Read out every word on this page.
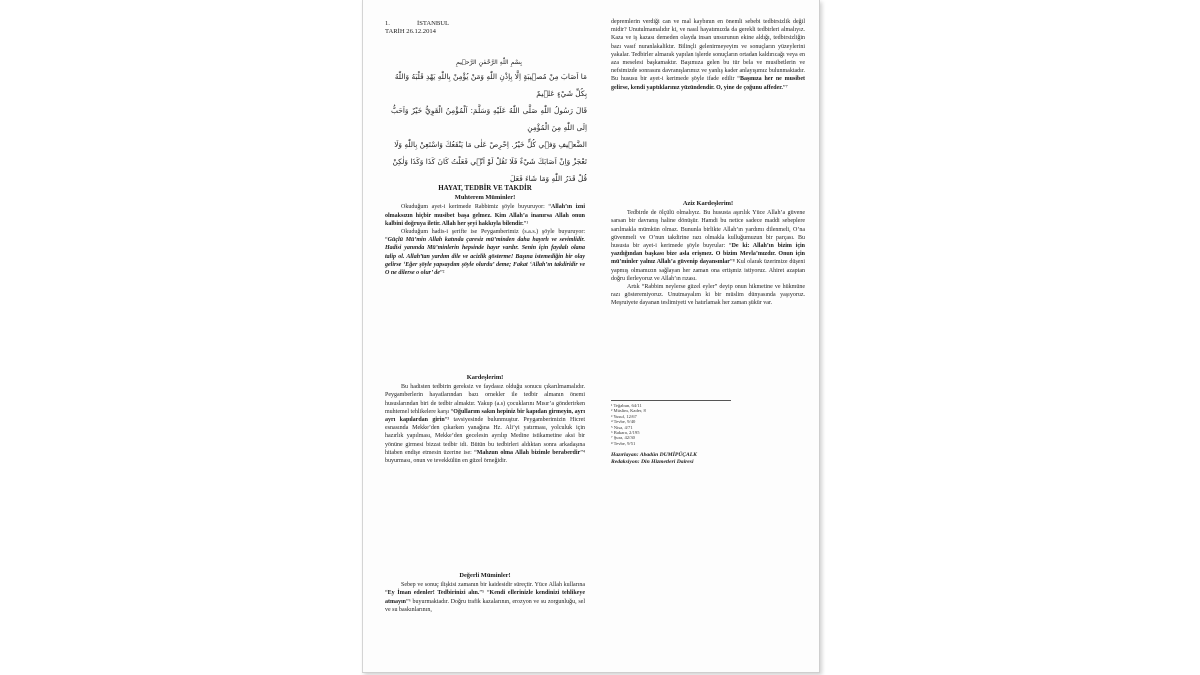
1.	İSTANBUL
TARİH 26.12.2014
بِسْمِ اللّٰهِ الرَّحْمٰنِ الرَّح۪يمِ
مَا اَصَابَ مِنْ مُص۪يبَةٍ اِلَّا بِاِذْنِ اللّٰهِ وَمَنْ يُؤْمِنْ بِاللّٰهِ يَهْدِ قَلْبَهُ وَاللّٰهُ
بِكُلِّ شَيْءٍ عَل۪يمٌ
قَالَ رَسُولُ اللّٰهِ صَلَّى اللّٰهُ عَلَيْهِ وَسَلَّمَ: اَلْمُؤْمِنُ الْقَوِيُّ خَيْرٌ وَاَحَبُّ اِلَى اللّٰهِ مِنَ الْمُؤْمِنِ
الضَّع۪يفِ وَف۪ي كُلٍّ خَيْرٌ. اِحْرِصْ عَلٰى مَا يَنْفَعُكَ وَاسْتَعِنْ بِاللّٰهِ وَلَا
تَعْجَزْ وَاِنْ اَصَابَكَ شَيْءٌ فَلَا تَقُلْ لَوْ اَنّ۪ي فَعَلْتُ كَانَ كَذَا وَكَذَا وَلٰكِنْ
قُلْ قَدَرُ اللّٰهِ وَمَا شَاءَ فَعَلَ
HAYAT, TEDBİR VE TAKDİR
Muhterem Müminler!

Okuduğum ayet-i kerimede Rabbimiz şöyle buyuruyor: “Allah’ın izni olmaksızın hiçbir musibet başa gelmez. Kim Allah’a inanırsa Allah onun kalbini doğruya iletir. Allah her şeyi hakkıyla bilendir.”¹

Okuduğum hadis-i şerifte ise Peygamberimiz (s.a.s.) şöyle buyuruyor: “Güçlü Mü’min Allah katında çaresiz mü’minden daha hayırlı ve sevimlidir. Hadisi yanında Mü’minlerin hepsinde hayır vardır. Senin için faydalı olana talip ol. Allah’tan yardım dile ve acizlik gösterme! Başına istemediğin bir olay gelirse ‘Eğer şöyle yapsaydım şöyle olurdu’ deme; Fakat ‘Allah’ın takdiridir ve O ne dilerse o olur’ de”²

Kardeşlerim!

Bu hadisten tedbirin gereksiz ve faydasız olduğu sonucu çıkarılmamalıdır. Peygamberlerin hayatlarından bazı ornekler ile tedbir almanın önemi hususlarından biri de tedbir almaktır. Yakup (a.s) çocuklarını Mısır’a gönderirken muhtemel tehlikelere karşı “Oğullarım sakın hepiniz bir kapıdan girmeyin, ayrı ayrı kapılardan girin”³ tavsiyesinde bulunmuştur. Peygamberimizin Hicret esnasında Mekke’den çıkarken yanağına Hz. Ali’yi yatırması, yolculuk için hazırlık yapılması, Mekke’den gecelesin ayrılıp Medine istikametine aksi bir yönüne girmesi bizzat tedbir idi. Bütün bu tedbirleri aldıktan sonra arkadaşına hitaben endişe etmesin üzerine ise: “Mahzun olma Allah bizimle beraberdir”⁴ buyurması, onun ve tevekkülün en güzel örneğidir.

Değerli Müminler!

Sebep ve sonuç ilişkisi zamanın bir kaidesidir süreçtir. Yüce Allah kullarına “Ey İman edenler! Tedbirinizi alın.”⁵ “Kendi ellerinizle kendinizi tehlikeye atmayın”⁶ buyurmaktadır. Doğru trafik kazalarının, erozyon ve su zorgunluğu, sel ve su baskınlarının,

depremlerin verdiği can ve mal kaybının en önemli sebebi tedbirsizlik değil midir? Unutulmamalıdır ki, ve nasıl hayatımızda da gerekli tedbirleri almalıyız. Kaza ve iş kazası demeden olayda insan unsurunun ekine aldığı, tedbirsizliğin bazı vasıf nuranlakaliktır. Bilinçli gelenirmeyeyim ve sonuçların yüzeylerini yakalar. Tedbirler almarak yapılan işlerde sonuçların ortadan kaldırıcağı veya en aza meselesi başkamaktır. Başımıza gelen bu tür bela ve musibetlerin ve nefsimizde sonrasını davranışlarımız ve yanlış kader anlayışımız bulunmaktadır. Bu hususu bir ayet-i kerimede şöyle ifade edilir “Başınıza her ne musibet gelirse, kendi yaptıklarınız yüzündendir. O, yine de çoğunu affeder.”⁷

Aziz Kardeşlerim!

Tedbirde de ölçülü olmalıyız. Bu hususta aşırılık Yüce Allah’a güvene sarsan bir davranış haline dönüşür. Hamdi bu netice sadece maddi sebeplere sarılmakla mümkün olmaz. Bununla birlikte Allah’ın yardımı dilenmeli, O’na güvenmeli ve O’nun takdirine razı olmakla kulluğumuzun bir parçası. Bu hususta bir ayet-i kerimede şöyle buyrular: “De ki: Allah’ın bizim için yazdığından başkası bize asla erişmez. O bizim Mevla’mızdır. Onun için mü’minler yalnız Allah’a güvenip dayansınlar”⁸ Kul olarak üzerimize düşeni yapmış olmamızın sağlayan her zaman ona ertişmiz istiyoruz. Ahiret azaptan doğru ilerleyoruz ve Allah’ın rızası.

Artık “Rabbim neylerse güzel eyler” deyip onun hikmetine ve hükmüne razı gösteremiyoruz. Unutmayalım ki bir müslim dünyasında yaşıyoruz. Meşruiyete dayanan teslimiyeti ve hatırlamak her zaman şükür var.

¹ Teğabun, 64/11
² Müslim, Kader, 8
³ Yusuf, 12/67
⁴ Tevbe, 9/40
⁵ Nisa, 4/71
⁶ Bakara, 2/195
⁷ Şura, 42/30
⁸ Tevbe, 9/51
Hazırlayan: Abadün DUMİPÜÇALK
Redaksiyon: Din Hizmetleri Dairesi
